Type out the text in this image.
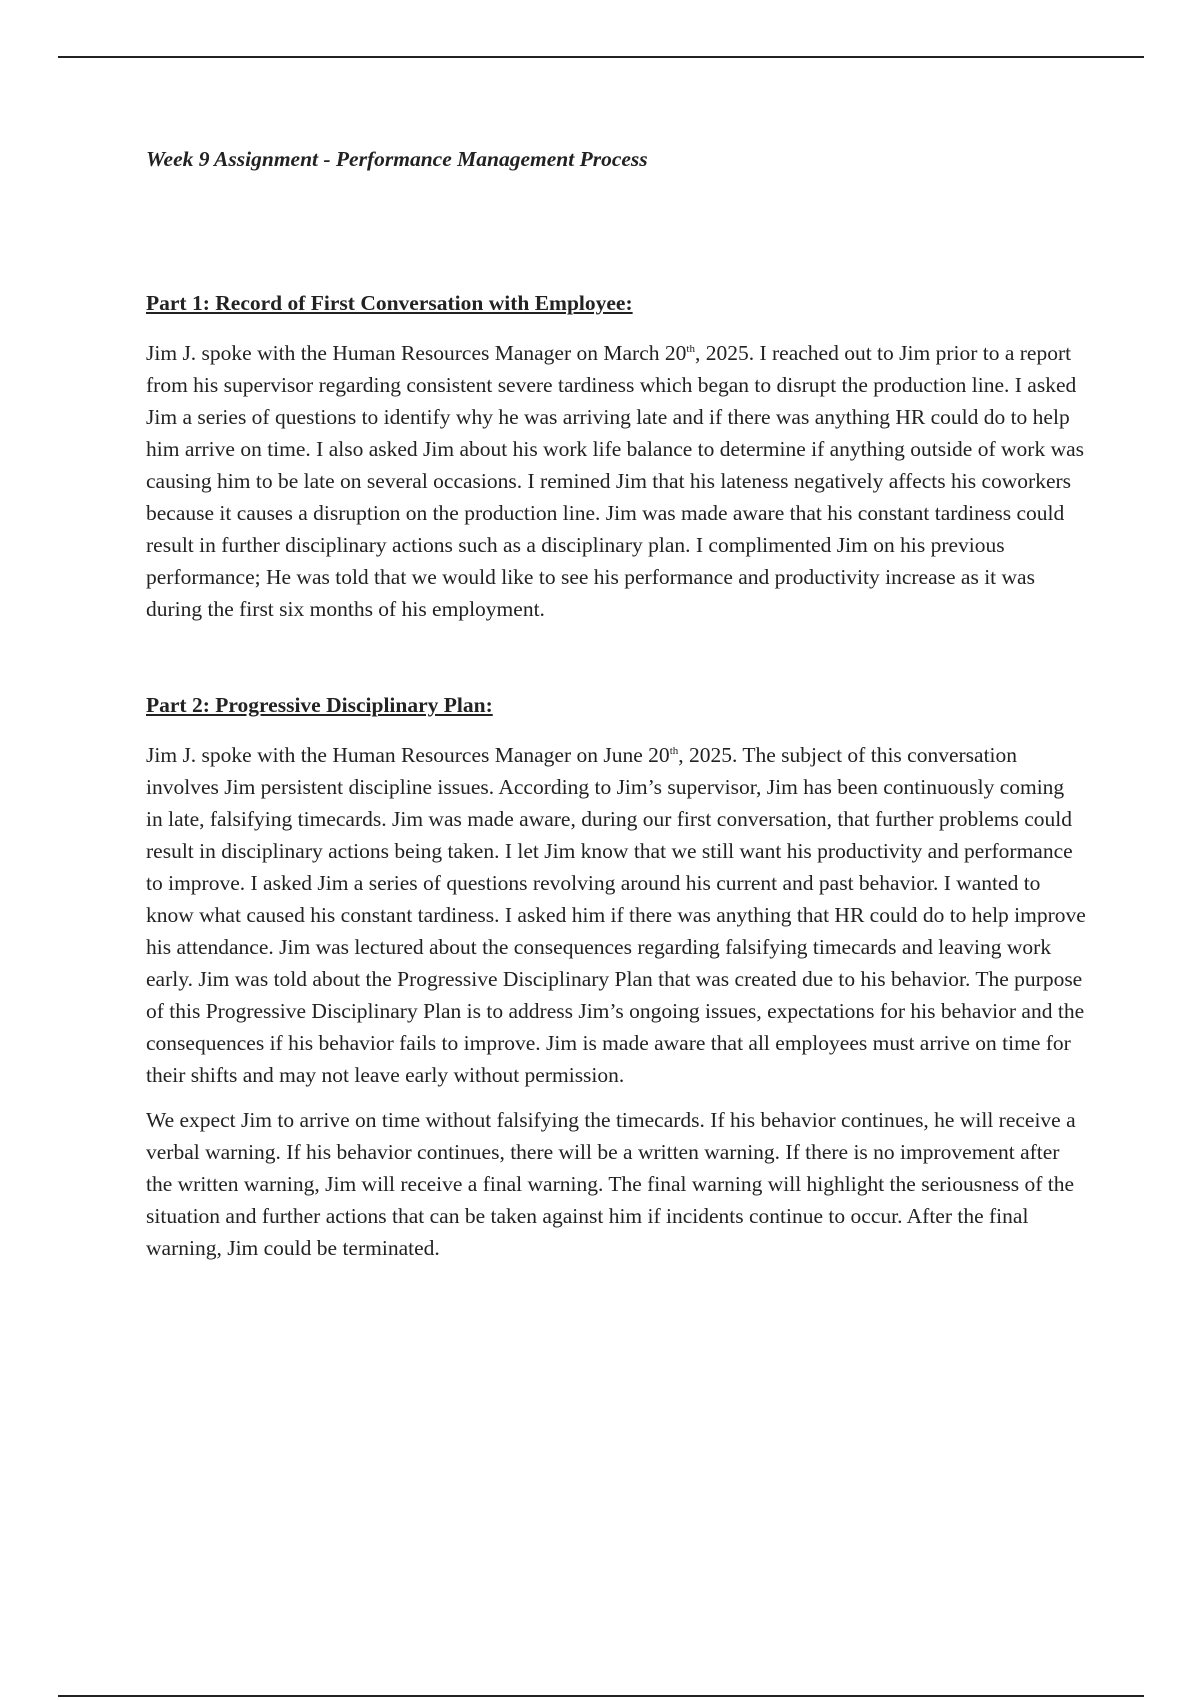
Week 9 Assignment - Performance Management Process
Part 1: Record of First Conversation with Employee:

Jim J. spoke with the Human Resources Manager on March 20th, 2025. I reached out to Jim prior to a report from his supervisor regarding consistent severe tardiness which began to disrupt the production line. I asked Jim a series of questions to identify why he was arriving late and if there was anything HR could do to help him arrive on time. I also asked Jim about his work life balance to determine if anything outside of work was causing him to be late on several occasions. I remined Jim that his lateness negatively affects his coworkers because it causes a disruption on the production line. Jim was made aware that his constant tardiness could result in further disciplinary actions such as a disciplinary plan. I complimented Jim on his previous performance; He was told that we would like to see his performance and productivity increase as it was during the first six months of his employment.

Part 2: Progressive Disciplinary Plan:

Jim J. spoke with the Human Resources Manager on June 20th, 2025. The subject of this conversation involves Jim persistent discipline issues. According to Jim’s supervisor, Jim has been continuously coming in late, falsifying timecards. Jim was made aware, during our first conversation, that further problems could result in disciplinary actions being taken. I let Jim know that we still want his productivity and performance to improve. I asked Jim a series of questions revolving around his current and past behavior. I wanted to know what caused his constant tardiness. I asked him if there was anything that HR could do to help improve his attendance. Jim was lectured about the consequences regarding falsifying timecards and leaving work early. Jim was told about the Progressive Disciplinary Plan that was created due to his behavior. The purpose of this Progressive Disciplinary Plan is to address Jim’s ongoing issues, expectations for his behavior and the consequences if his behavior fails to improve. Jim is made aware that all employees must arrive on time for their shifts and may not leave early without permission.

We expect Jim to arrive on time without falsifying the timecards. If his behavior continues, he will receive a verbal warning. If his behavior continues, there will be a written warning. If there is no improvement after the written warning, Jim will receive a final warning. The final warning will highlight the seriousness of the situation and further actions that can be taken against him if incidents continue to occur. After the final warning, Jim could be terminated.
